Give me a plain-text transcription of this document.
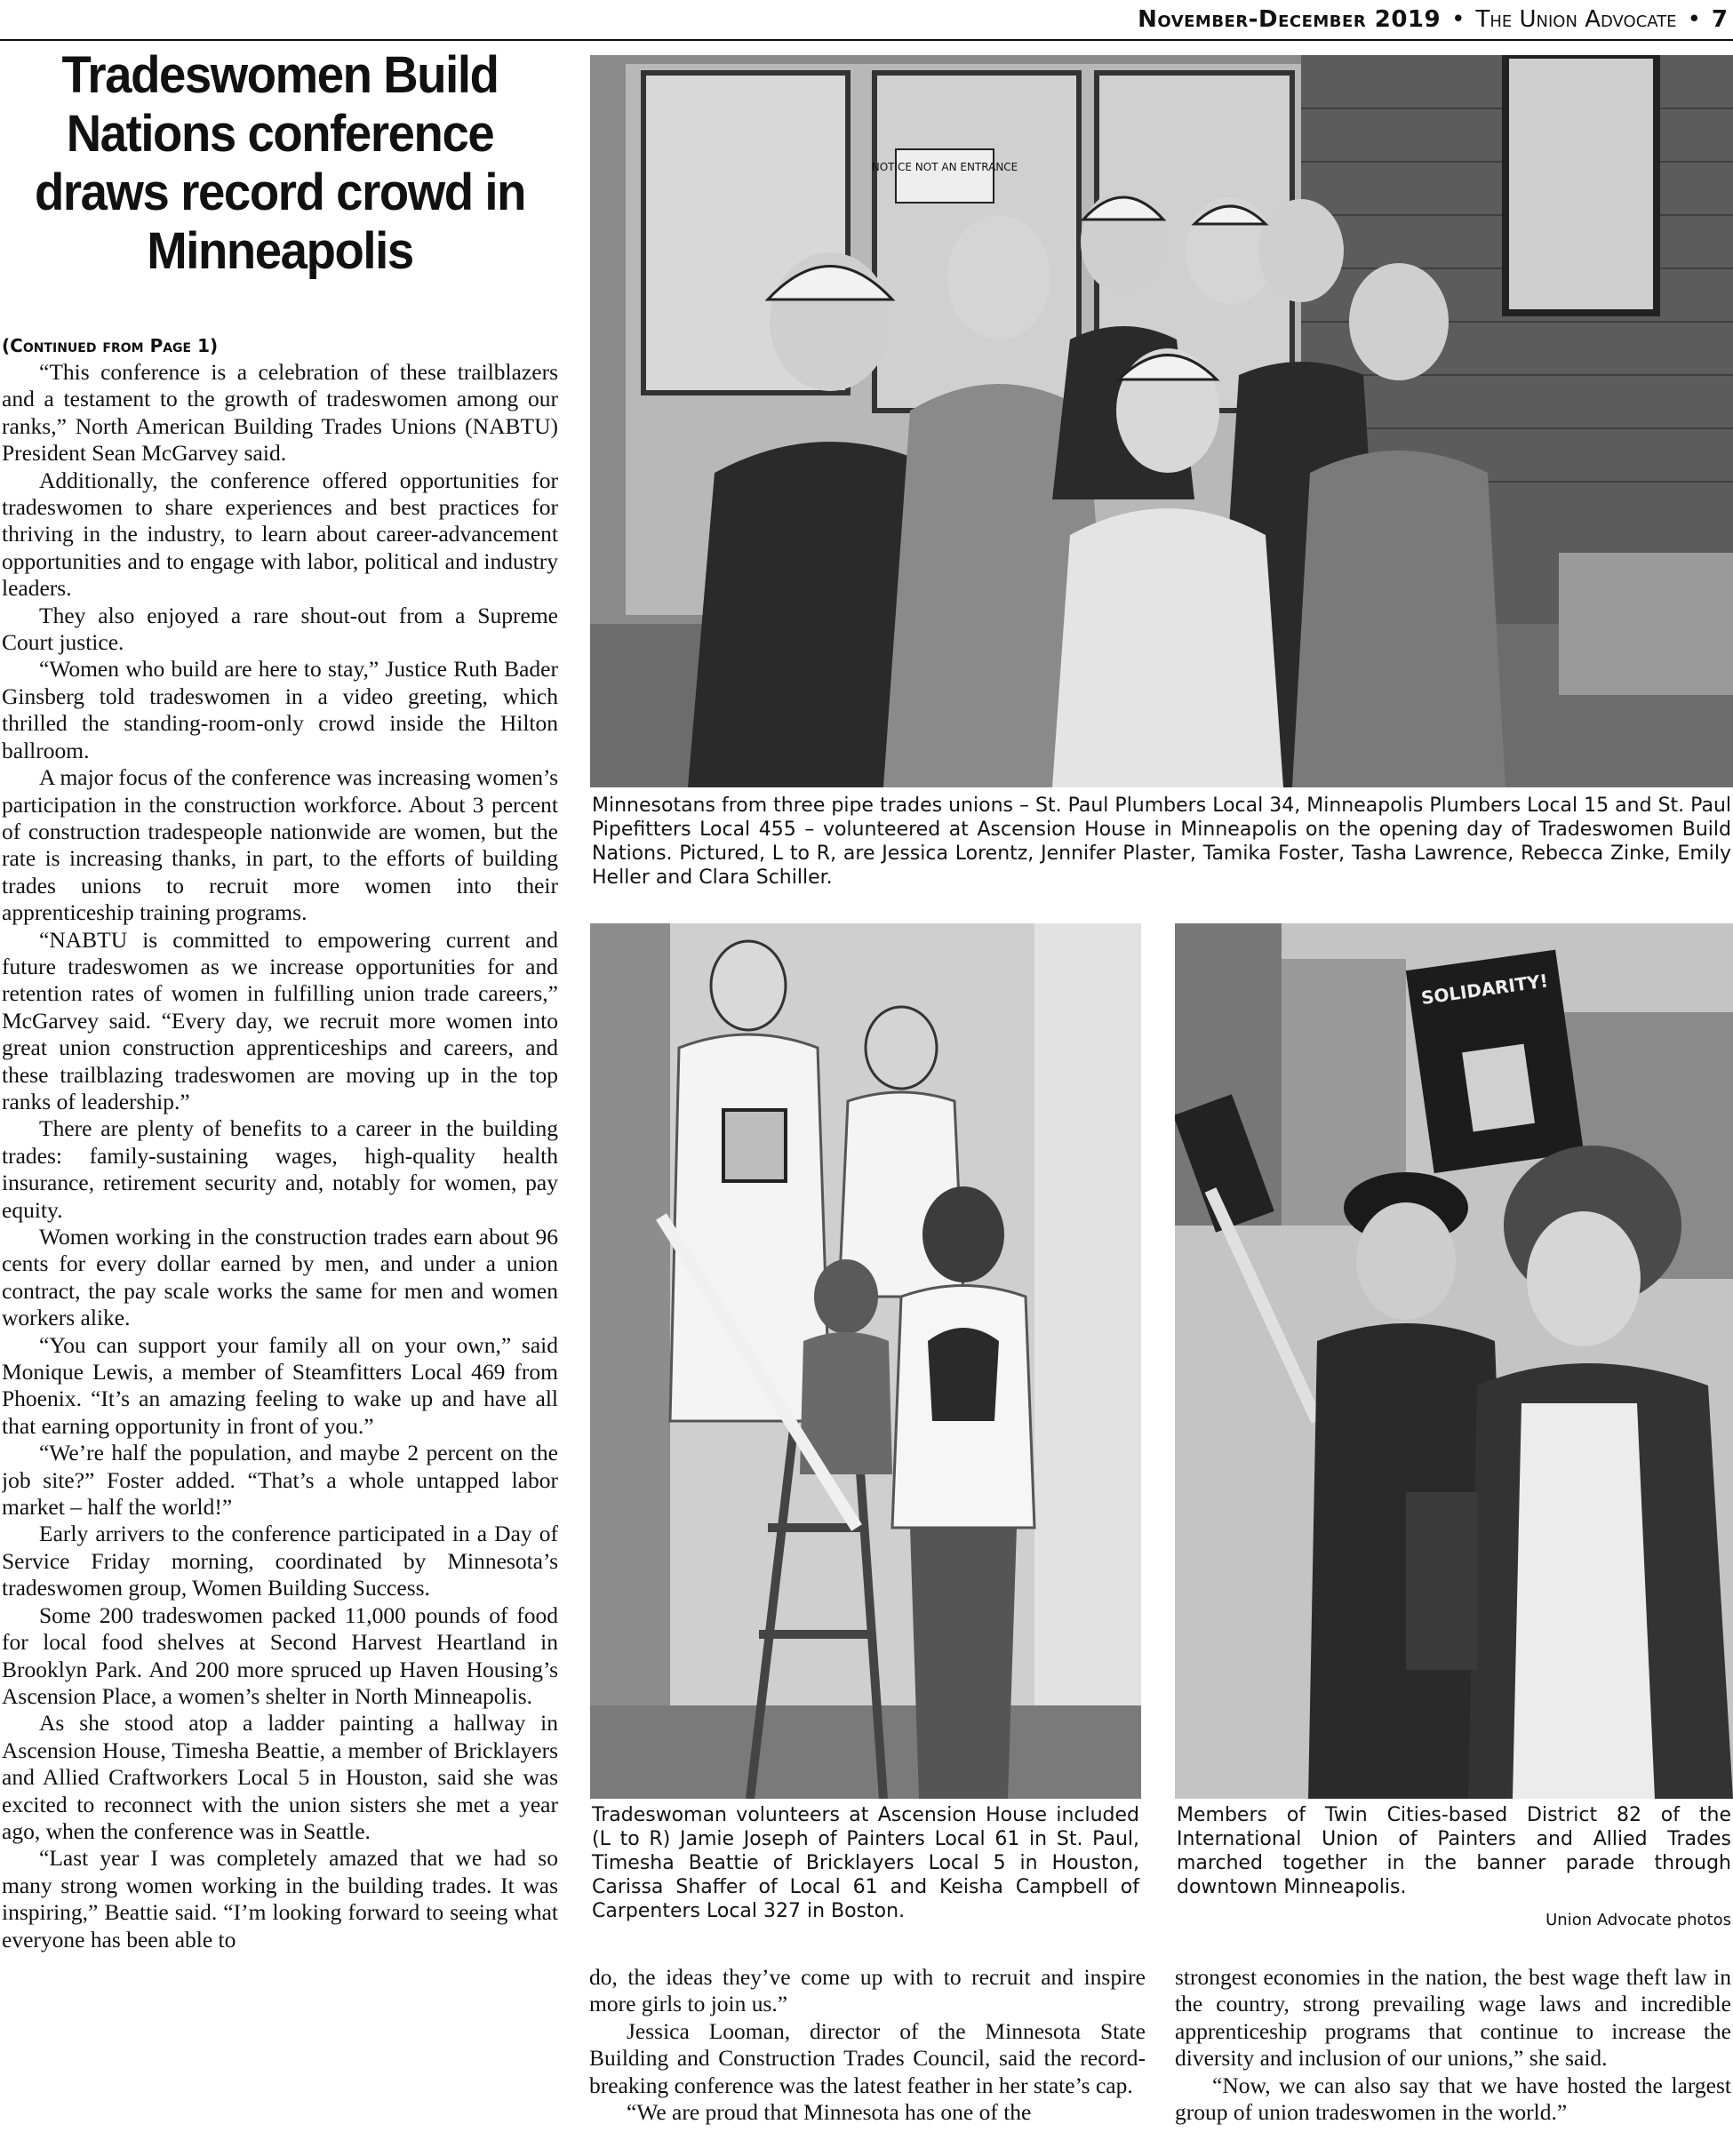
November-December 2019 • The Union Advocate • 7
Tradeswomen Build Nations conference draws record crowd in Minneapolis

(Continued from Page 1)

“This conference is a celebration of these trailblazers and a testament to the growth of tradeswomen among our ranks,” North American Building Trades Unions (NABTU) President Sean McGarvey said.

Additionally, the conference offered opportunities for tradeswomen to share experiences and best practices for thriving in the industry, to learn about career-advancement opportunities and to engage with labor, political and industry leaders.

They also enjoyed a rare shout-out from a Supreme Court justice.

“Women who build are here to stay,” Justice Ruth Bader Ginsberg told tradeswomen in a video greeting, which thrilled the standing-room-only crowd inside the Hilton ballroom.

A major focus of the conference was increasing women’s participation in the construction workforce. About 3 percent of construction tradespeople nationwide are women, but the rate is increasing thanks, in part, to the efforts of building trades unions to recruit more women into their apprenticeship training programs.

“NABTU is committed to empowering current and future tradeswomen as we increase opportunities for and retention rates of women in fulfilling union trade careers,” McGarvey said. “Every day, we recruit more women into great union construction apprenticeships and careers, and these trailblazing tradeswomen are moving up in the top ranks of leadership.”

There are plenty of benefits to a career in the building trades: family-sustaining wages, high-quality health insurance, retirement security and, notably for women, pay equity.

Women working in the construction trades earn about 96 cents for every dollar earned by men, and under a union contract, the pay scale works the same for men and women workers alike.

“You can support your family all on your own,” said Monique Lewis, a member of Steamfitters Local 469 from Phoenix. “It’s an amazing feeling to wake up and have all that earning opportunity in front of you.”

“We’re half the population, and maybe 2 percent on the job site?” Foster added. “That’s a whole untapped labor market – half the world!”

Early arrivers to the conference participated in a Day of Service Friday morning, coordinated by Minnesota’s tradeswomen group, Women Building Success.

Some 200 tradeswomen packed 11,000 pounds of food for local food shelves at Second Harvest Heartland in Brooklyn Park. And 200 more spruced up Haven Housing’s Ascension Place, a women’s shelter in North Minneapolis.

As she stood atop a ladder painting a hallway in Ascension House, Timesha Beattie, a member of Bricklayers and Allied Craftworkers Local 5 in Houston, said she was excited to reconnect with the union sisters she met a year ago, when the conference was in Seattle.

“Last year I was completely amazed that we had so many strong women working in the building trades. It was inspiring,” Beattie said. “I’m looking forward to seeing what everyone has been able to

NOTICE NOT AN ENTRANCE
Minnesotans from three pipe trades unions – St. Paul Plumbers Local 34, Minneapolis Plumbers Local 15 and St. Paul Pipefitters Local 455 – volunteered at Ascension House in Minneapolis on the opening day of Tradeswomen Build Nations. Pictured, L to R, are Jessica Lorentz, Jennifer Plaster, Tamika Foster, Tasha Lawrence, Rebecca Zinke, Emily Heller and Clara Schiller.
Tradeswoman volunteers at Ascension House included (L to R) Jamie Joseph of Painters Local 61 in St. Paul, Timesha Beattie of Bricklayers Local 5 in Houston, Carissa Shaffer of Local 61 and Keisha Campbell of Carpenters Local 327 in Boston.
SOLIDARITY!
Members of Twin Cities-based District 82 of the International Union of Painters and Allied Trades marched together in the banner parade through downtown Minneapolis.
Union Advocate photos

do, the ideas they’ve come up with to recruit and inspire more girls to join us.”

Jessica Looman, director of the Minnesota State Building and Construction Trades Council, said the record-breaking conference was the latest feather in her state’s cap.

“We are proud that Minnesota has one of the

strongest economies in the nation, the best wage theft law in the country, strong prevailing wage laws and incredible apprenticeship programs that continue to increase the diversity and inclusion of our unions,” she said.

“Now, we can also say that we have hosted the largest group of union tradeswomen in the world.”
